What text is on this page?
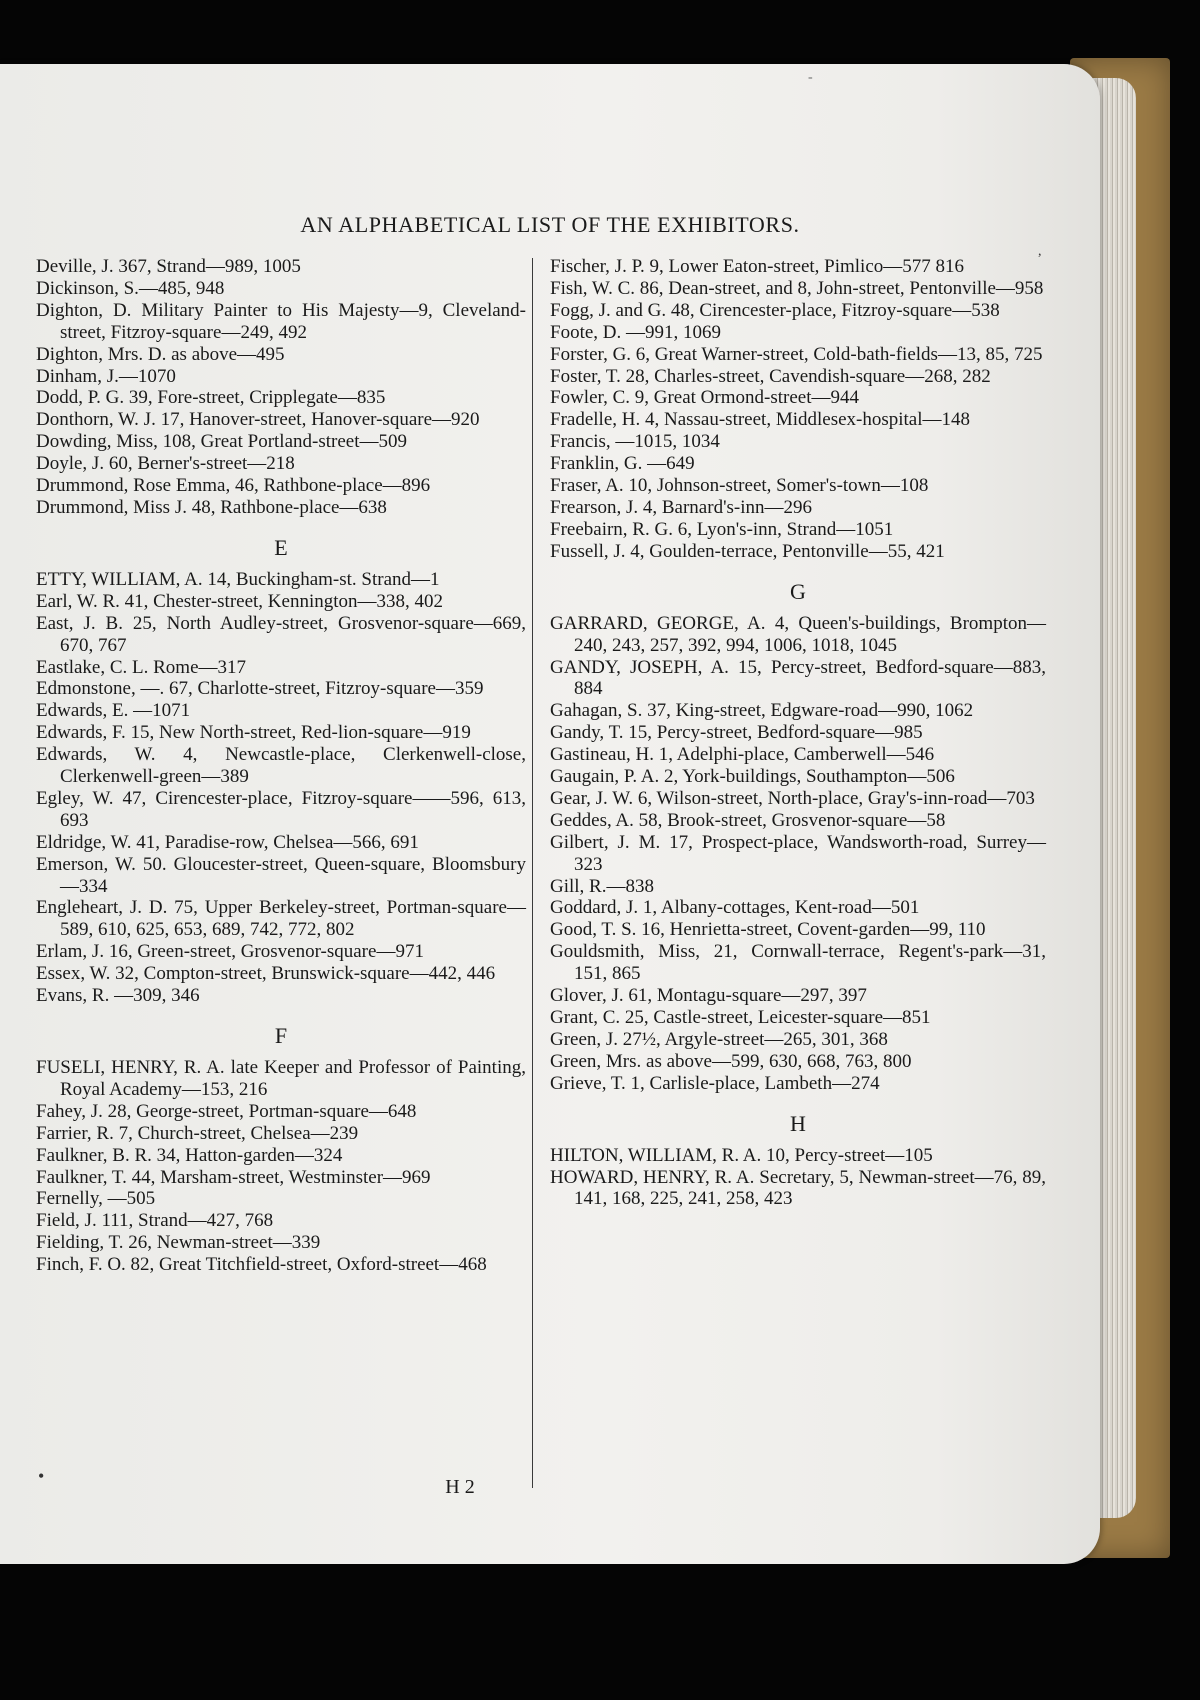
-
AN ALPHABETICAL LIST OF THE EXHIBITORS.
,
Deville, J. 367, Strand—989, 1005
Dickinson, S.—485, 948
Dighton, D. Military Painter to His Majesty—9, Cleveland-street, Fitzroy-square—249, 492
Dighton, Mrs. D. as above—495
Dinham, J.—1070
Dodd, P. G. 39, Fore-street, Cripplegate—835
Donthorn, W. J. 17, Hanover-street, Hanover-square—920
Dowding, Miss, 108, Great Portland-street—509
Doyle, J. 60, Berner's-street—218
Drummond, Rose Emma, 46, Rathbone-place—896
Drummond, Miss J. 48, Rathbone-place—638
E
ETTY, WILLIAM, A. 14, Buckingham-st. Strand—1
Earl, W. R. 41, Chester-street, Kennington—338, 402
East, J. B. 25, North Audley-street, Grosvenor-square—669, 670, 767
Eastlake, C. L. Rome—317
Edmonstone, —. 67, Charlotte-street, Fitzroy-square—359
Edwards, E. —1071
Edwards, F. 15, New North-street, Red-lion-square—919
Edwards, W. 4, Newcastle-place, Clerkenwell-close, Clerkenwell-green—389
Egley, W. 47, Cirencester-place, Fitzroy-square——596, 613, 693
Eldridge, W. 41, Paradise-row, Chelsea—566, 691
Emerson, W. 50. Gloucester-street, Queen-square, Bloomsbury—334
Engleheart, J. D. 75, Upper Berkeley-street, Portman-square—589, 610, 625, 653, 689, 742, 772, 802
Erlam, J. 16, Green-street, Grosvenor-square—971
Essex, W. 32, Compton-street, Brunswick-square—442, 446
Evans, R. —309, 346
F
FUSELI, HENRY, R. A. late Keeper and Professor of Painting, Royal Academy—153, 216
Fahey, J. 28, George-street, Portman-square—648
Farrier, R. 7, Church-street, Chelsea—239
Faulkner, B. R. 34, Hatton-garden—324
Faulkner, T. 44, Marsham-street, Westminster—969
Fernelly, —505
Field, J. 111, Strand—427, 768
Fielding, T. 26, Newman-street—339
Finch, F. O. 82, Great Titchfield-street, Oxford-street—468
Fischer, J. P. 9, Lower Eaton-street, Pimlico—577 816
Fish, W. C. 86, Dean-street, and 8, John-street, Pentonville—958
Fogg, J. and G. 48, Cirencester-place, Fitzroy-square—538
Foote, D. —991, 1069
Forster, G. 6, Great Warner-street, Cold-bath-fields—13, 85, 725
Foster, T. 28, Charles-street, Cavendish-square—268, 282
Fowler, C. 9, Great Ormond-street—944
Fradelle, H. 4, Nassau-street, Middlesex-hospital—148
Francis, —1015, 1034
Franklin, G. —649
Fraser, A. 10, Johnson-street, Somer's-town—108
Frearson, J. 4, Barnard's-inn—296
Freebairn, R. G. 6, Lyon's-inn, Strand—1051
Fussell, J. 4, Goulden-terrace, Pentonville—55, 421
G
GARRARD, GEORGE, A. 4, Queen's-buildings, Brompton—240, 243, 257, 392, 994, 1006, 1018, 1045
GANDY, JOSEPH, A. 15, Percy-street, Bedford-square—883, 884
Gahagan, S. 37, King-street, Edgware-road—990, 1062
Gandy, T. 15, Percy-street, Bedford-square—985
Gastineau, H. 1, Adelphi-place, Camberwell—546
Gaugain, P. A. 2, York-buildings, Southampton—506
Gear, J. W. 6, Wilson-street, North-place, Gray's-inn-road—703
Geddes, A. 58, Brook-street, Grosvenor-square—58
Gilbert, J. M. 17, Prospect-place, Wandsworth-road, Surrey—323
Gill, R.—838
Goddard, J. 1, Albany-cottages, Kent-road—501
Good, T. S. 16, Henrietta-street, Covent-garden—99, 110
Gouldsmith, Miss, 21, Cornwall-terrace, Regent's-park—31, 151, 865
Glover, J. 61, Montagu-square—297, 397
Grant, C. 25, Castle-street, Leicester-square—851
Green, J. 27½, Argyle-street—265, 301, 368
Green, Mrs. as above—599, 630, 668, 763, 800
Grieve, T. 1, Carlisle-place, Lambeth—274
H
HILTON, WILLIAM, R. A. 10, Percy-street—105
HOWARD, HENRY, R. A. Secretary, 5, Newman-street—76, 89, 141, 168, 225, 241, 258, 423
•	H 2
